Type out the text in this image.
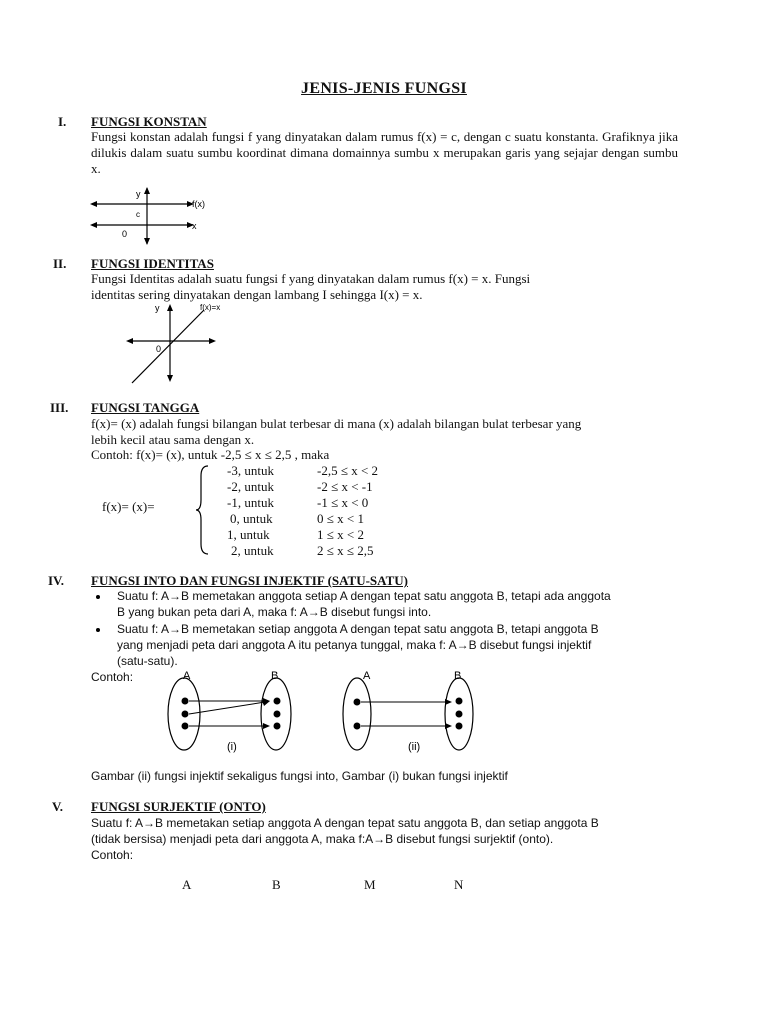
JENIS-JENIS FUNGSI
I. FUNGSI KONSTAN
Fungsi konstan adalah fungsi f yang dinyatakan dalam rumus f(x) = c, dengan c suatu konstanta. Grafiknya jika dilukis dalam suatu sumbu koordinat dimana domainnya sumbu x merupakan garis yang sejajar dengan sumbu x.
y
f(x)
c
x
0
II. FUNGSI IDENTITAS
Fungsi Identitas adalah suatu fungsi f yang dinyatakan dalam rumus f(x) = x. Fungsi
identitas sering dinyatakan dengan lambang I sehingga I(x) = x.
y	f(x)=x
0
III. FUNGSI TANGGA
f(x)= (x) adalah fungsi bilangan bulat terbesar di mana (x) adalah bilangan bulat terbesar yang
lebih kecil atau sama dengan x.
Contoh: f(x)= (x), untuk -2,5 ≤ x ≤ 2,5 , maka
f(x)= (x)=
-3, untuk	-2,5 ≤ x < 2
-2, untuk	-2 ≤ x < -1
-1, untuk	-1 ≤ x < 0
0, untuk	0 ≤ x < 1
1, untuk	1 ≤ x < 2
2, untuk	2 ≤ x ≤ 2,5
IV. FUNGSI INTO DAN FUNGSI INJEKTIF (SATU-SATU)
Suatu f: A→B memetakan anggota setiap A dengan tepat satu anggota B, tetapi ada anggota
B yang bukan peta dari A, maka f: A→B disebut fungsi into.
Suatu f: A→B memetakan setiap anggota A dengan tepat satu anggota B, tetapi anggota B
yang menjadi peta dari anggota A itu petanya tunggal, maka f: A→B disebut fungsi injektif
(satu-satu).
Contoh:	A	B
(i)
A	B
(ii)
Gambar (ii) fungsi injektif sekaligus fungsi into, Gambar (i) bukan fungsi injektif
V. FUNGSI SURJEKTIF (ONTO)
Suatu f: A→B memetakan setiap anggota A dengan tepat satu anggota B, dan setiap anggota B
(tidak bersisa) menjadi peta dari anggota A, maka f:A→B disebut fungsi surjektif (onto).
Contoh:
A	B	M	N
